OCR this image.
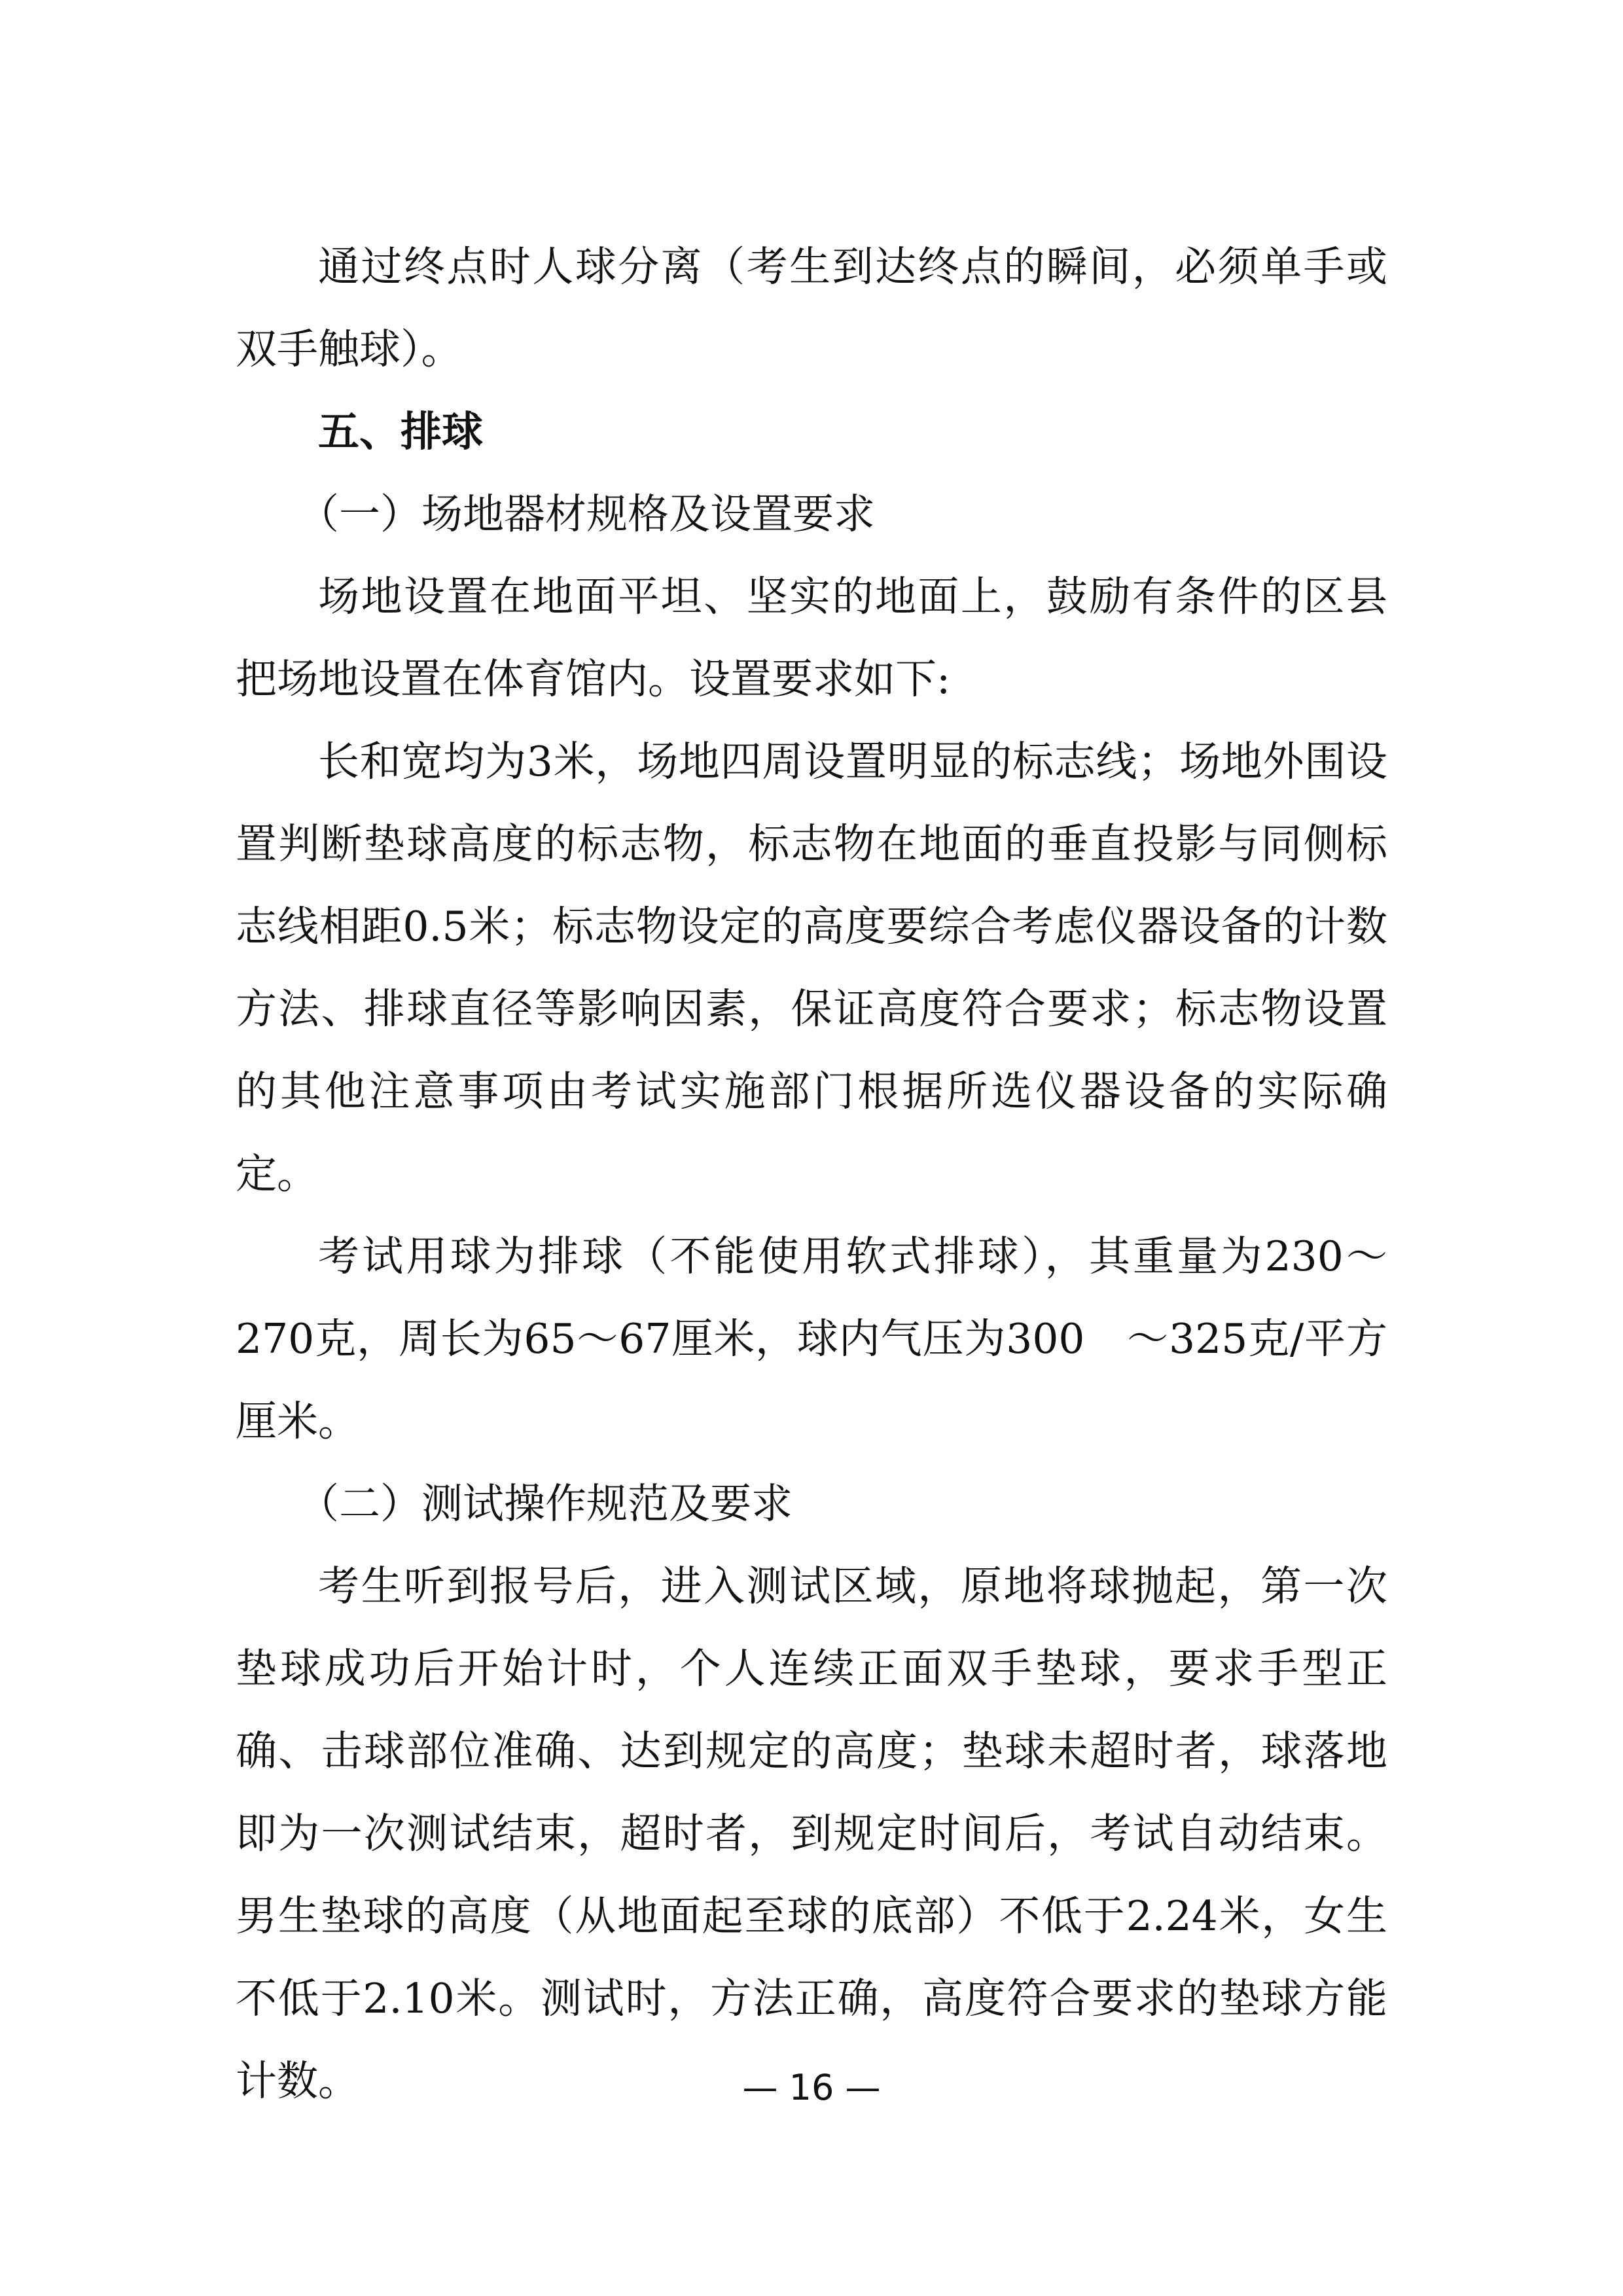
通过终点时人球分离（考生到达终点的瞬间，必须单手或双手触球）。

五、排球

（一）场地器材规格及设置要求

场地设置在地面平坦、坚实的地面上，鼓励有条件的区县把场地设置在体育馆内。设置要求如下:

长和宽均为3米，场地四周设置明显的标志线；场地外围设置判断垫球高度的标志物，标志物在地面的垂直投影与同侧标志线相距0.5米；标志物设定的高度要综合考虑仪器设备的计数方法、排球直径等影响因素，保证高度符合要求；标志物设置的其他注意事项由考试实施部门根据所选仪器设备的实际确定。

考试用球为排球（不能使用软式排球），其重量为230～270克，周长为65～67厘米，球内气压为300　～325克/平方厘米。

（二）测试操作规范及要求

考生听到报号后，进入测试区域，原地将球抛起，第一次垫球成功后开始计时，个人连续正面双手垫球，要求手型正确、击球部位准确、达到规定的高度；垫球未超时者，球落地即为一次测试结束，超时者，到规定时间后，考试自动结束。男生垫球的高度（从地面起至球的底部）不低于2.24米，女生不低于2.10米。测试时，方法正确，高度符合要求的垫球方能计数。	— 16 —
